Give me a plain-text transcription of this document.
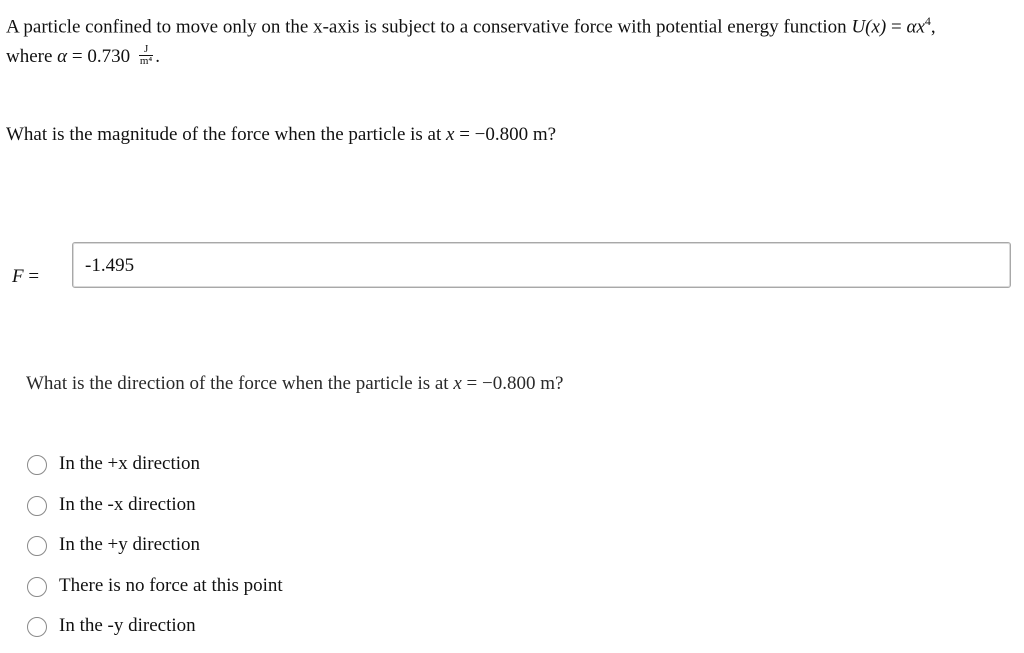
A particle confined to move only on the x-axis is subject to a conservative force with potential energy function $U(x) = \alpha x^4$,
where $\alpha = 0.730 \frac{J}{\text{m⁴}}$ .
What is the magnitude of the force when the particle is at x = −0.800 m?
F =
-1.495
What is the direction of the force when the particle is at x = −0.800 m?
In the +x direction
In the -x direction
In the +y direction
There is no force at this point
In the -y direction
